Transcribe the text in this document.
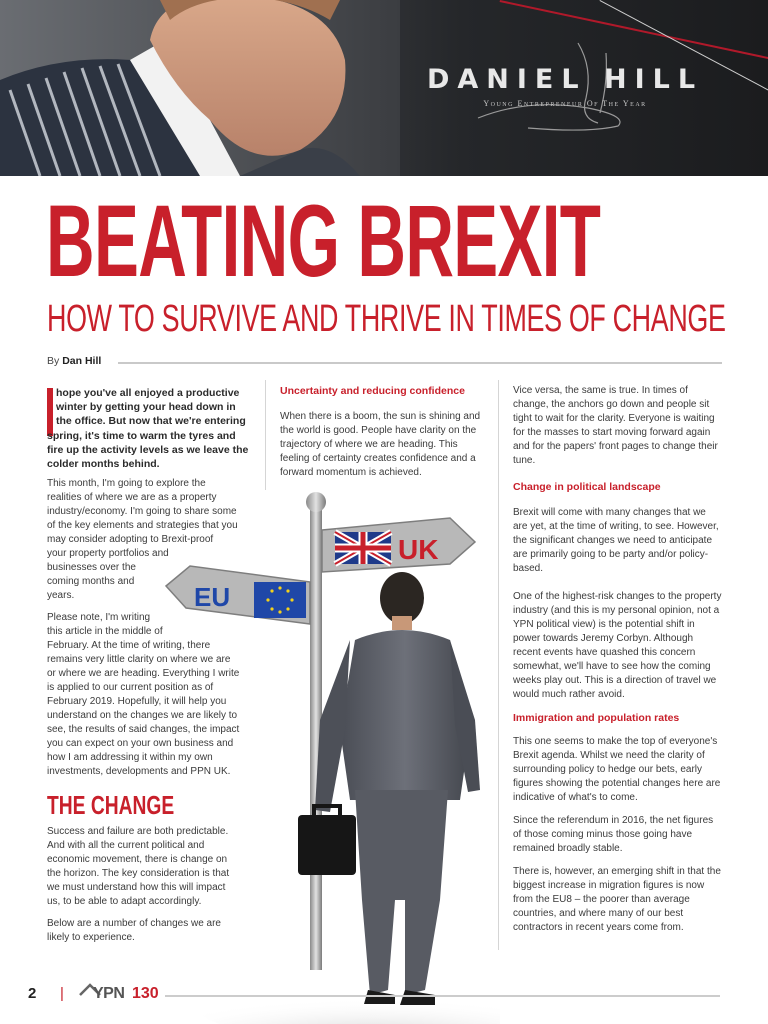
DANIEL HILL
Young Entrepreneur Of The Year
BEATING BREXIT
HOW TO SURVIVE AND THRIVE IN TIMES OF CHANGE
By Dan Hill
hope you've all enjoyed a productive
winter by getting your head down in
the office. But now that we're entering
spring, it's time to warm the tyres and
fire up the activity levels as we leave the
colder months behind.
This month, I'm going to explore the
realities of where we are as a property
industry/economy. I'm going to share some
of the key elements and strategies that you
may consider adopting to Brexit-proof
your property portfolios and
businesses over the
coming months and
years.
Please note, I'm writing
this article in the middle of
February. At the time of writing, there
remains very little clarity on where we are
or where we are heading. Everything I write
is applied to our current position as of
February 2019. Hopefully, it will help you
understand on the changes we are likely to
see, the results of said changes, the impact
you can expect on your own business and
how I am addressing it within my own
investments, developments and PPN UK.
THE CHANGE
Success and failure are both predictable.
And with all the current political and
economic movement, there is change on
the horizon. The key consideration is that
we must understand how this will impact
us, to be able to adapt accordingly.
Below are a number of changes we are
likely to experience.

Uncertainty and reducing confidence

When there is a boom, the sun is shining and the world is good. People have clarity on the trajectory of where we are heading. This feeling of certainty creates confidence and a forward momentum is achieved.

Vice versa, the same is true. In times of change, the anchors go down and people sit tight to wait for the clarity. Everyone is waiting for the masses to start moving forward again and for the papers' front pages to change their tune.

Change in political landscape

Brexit will come with many changes that we are yet, at the time of writing, to see. However, the significant changes we need to anticipate are primarily going to be party and/or policy-based.

One of the highest-risk changes to the property industry (and this is my personal opinion, not a YPN political view) is the potential shift in power towards Jeremy Corbyn. Although recent events have quashed this concern somewhat, we'll have to see how the coming weeks play out. This is a direction of travel we would much rather avoid.

Immigration and population rates

This one seems to make the top of everyone's Brexit agenda. Whilst we need the clarity of surrounding policy to hedge our bets, early figures showing the potential changes here are indicative of what's to come.

Since the referendum in 2016, the net figures of those coming minus those going have remained broadly stable.

There is, however, an emerging shift in that the biggest increase in migration figures is now from the EU8 – the poorer than average countries, and where many of our best contractors in recent years come from.

UK
EU
2 | YPN 130
